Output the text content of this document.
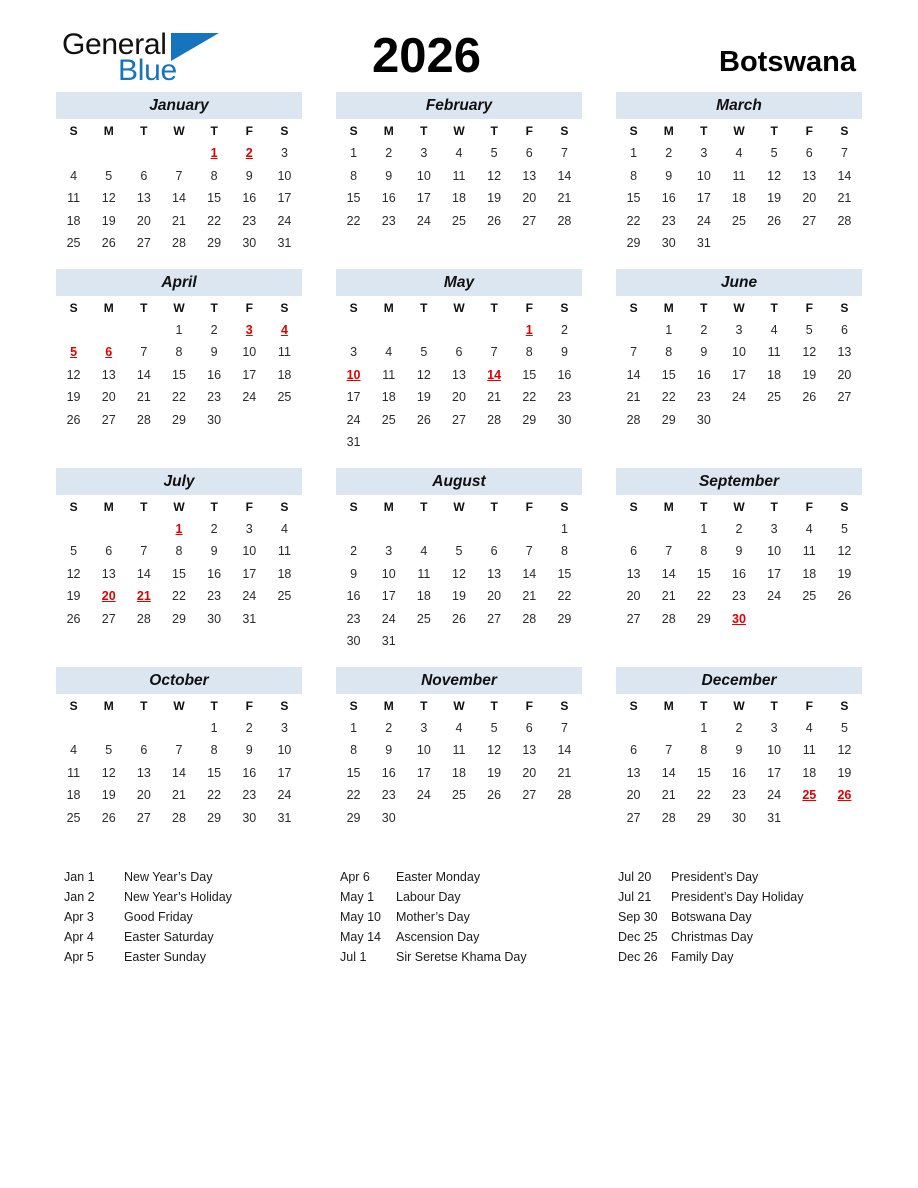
General
Blue	2026	Botswana
January
S	M	T	W	T	F	S
				1	2	3
4	5	6	7	8	9	10
11	12	13	14	15	16	17
18	19	20	21	22	23	24
25	26	27	28	29	30	31
February
S	M	T	W	T	F	S
1	2	3	4	5	6	7
8	9	10	11	12	13	14
15	16	17	18	19	20	21
22	23	24	25	26	27	28
March
S	M	T	W	T	F	S
1	2	3	4	5	6	7
8	9	10	11	12	13	14
15	16	17	18	19	20	21
22	23	24	25	26	27	28
29	30	31				
April
S	M	T	W	T	F	S
			1	2	3	4
5	6	7	8	9	10	11
12	13	14	15	16	17	18
19	20	21	22	23	24	25
26	27	28	29	30		
May
S	M	T	W	T	F	S
					1	2
3	4	5	6	7	8	9
10	11	12	13	14	15	16
17	18	19	20	21	22	23
24	25	26	27	28	29	30
31						
June
S	M	T	W	T	F	S
	1	2	3	4	5	6
7	8	9	10	11	12	13
14	15	16	17	18	19	20
21	22	23	24	25	26	27
28	29	30				
July
S	M	T	W	T	F	S
			1	2	3	4
5	6	7	8	9	10	11
12	13	14	15	16	17	18
19	20	21	22	23	24	25
26	27	28	29	30	31	
August
S	M	T	W	T	F	S
						1
2	3	4	5	6	7	8
9	10	11	12	13	14	15
16	17	18	19	20	21	22
23	24	25	26	27	28	29
30	31					
September
S	M	T	W	T	F	S
		1	2	3	4	5
6	7	8	9	10	11	12
13	14	15	16	17	18	19
20	21	22	23	24	25	26
27	28	29	30			
October
S	M	T	W	T	F	S
				1	2	3
4	5	6	7	8	9	10
11	12	13	14	15	16	17
18	19	20	21	22	23	24
25	26	27	28	29	30	31
November
S	M	T	W	T	F	S
1	2	3	4	5	6	7
8	9	10	11	12	13	14
15	16	17	18	19	20	21
22	23	24	25	26	27	28
29	30					
December
S	M	T	W	T	F	S
		1	2	3	4	5
6	7	8	9	10	11	12
13	14	15	16	17	18	19
20	21	22	23	24	25	26
27	28	29	30	31		
Jan 1	New Year’s Day
Jan 2	New Year’s Holiday
Apr 3	Good Friday
Apr 4	Easter Saturday
Apr 5	Easter Sunday
Apr 6	Easter Monday
May 1	Labour Day
May 10	Mother’s Day
May 14	Ascension Day
Jul 1	Sir Seretse Khama Day
Jul 20	President’s Day
Jul 21	President’s Day Holiday
Sep 30	Botswana Day
Dec 25	Christmas Day
Dec 26	Family Day
